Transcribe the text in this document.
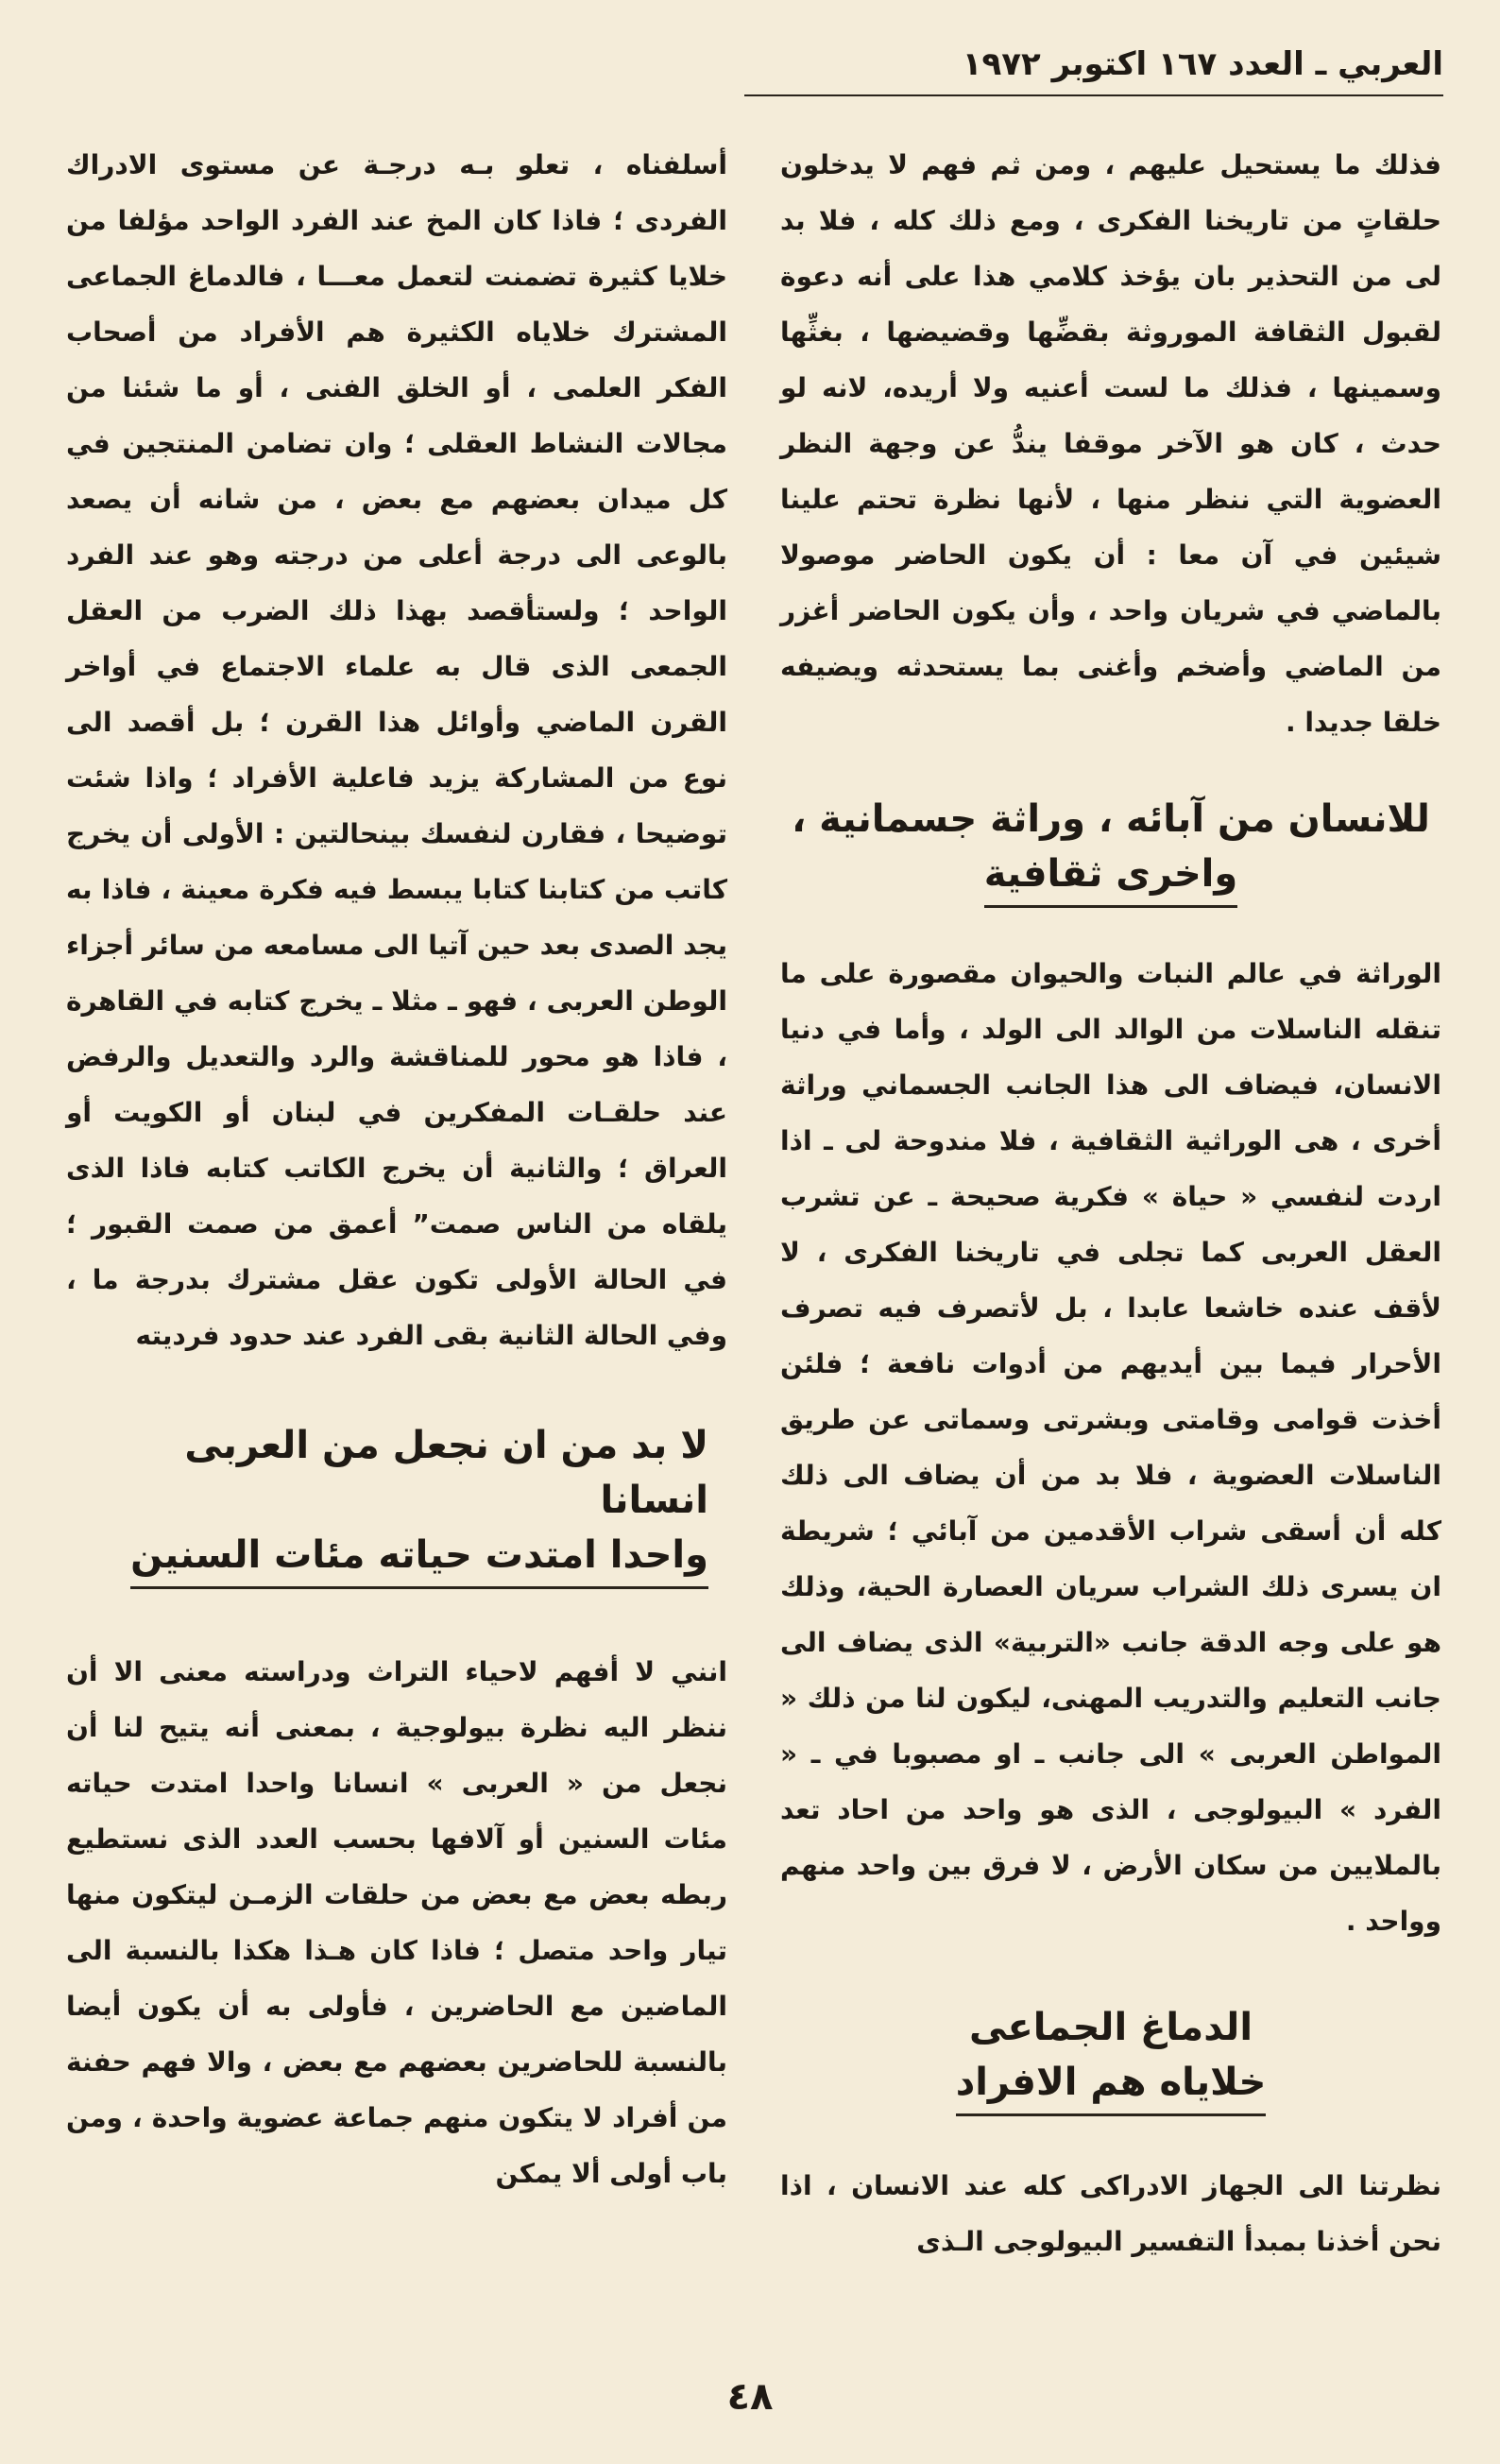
العربي ـ العدد ١٦٧ اكتوبر ١٩٧٢

فذلك ما يستحيل عليهم ، ومن ثم فهم لا يدخلون حلقاتٍ من تاريخنا الفكرى ، ومع ذلك كله ، فلا بد لى من التحذير بان يؤخذ كلامي هذا على أنه دعوة لقبول الثقافة الموروثة بقضِّها وقضيضها ، بغثِّها وسمينها ، فذلك ما لست أعنيه ولا أريده، لانه لو حدث ، كان هو الآخر موقفا يندُّ عن وجهة النظر العضوية التي ننظر منها ، لأنها نظرة تحتم علينا شيئين في آن معا : أن يكون الحاضر موصولا بالماضي في شريان واحد ، وأن يكون الحاضر أغزر من الماضي وأضخم وأغنى بما يستحدثه ويضيفه خلقا جديدا .

للانسان من آبائه ، وراثة جسمانية ،
واخرى ثقافية

الوراثة في عالم النبات والحيوان مقصورة على ما تنقله الناسلات من الوالد الى الولد ، وأما في دنيا الانسان، فيضاف الى هذا الجانب الجسماني وراثة أخرى ، هى الوراثية الثقافية ، فلا مندوحة لى ـ اذا اردت لنفسي « حياة » فكرية صحيحة ـ عن تشرب العقل العربى كما تجلى في تاريخنا الفكرى ، لا لأقف عنده خاشعا عابدا ، بل لأتصرف فيه تصرف الأحرار فيما بين أيديهم من أدوات نافعة ؛ فلئن أخذت قوامى وقامتى وبشرتى وسماتى عن طريق الناسلات العضوية ، فلا بد من أن يضاف الى ذلك كله أن أسقى شراب الأقدمين من آبائي ؛ شريطة ان يسرى ذلك الشراب سريان العصارة الحية، وذلك هو على وجه الدقة جانب «التربية» الذى يضاف الى جانب التعليم والتدريب المهنى، ليكون لنا من ذلك « المواطن العربى » الى جانب ـ او مصبوبا في ـ « الفرد » البيولوجى ، الذى هو واحد من احاد تعد بالملايين من سكان الأرض ، لا فرق بين واحد منهم وواحد .

الدماغ الجماعى
خلاياه هم الافراد

نظرتنا الى الجهاز الادراكى كله عند الانسان ، اذا نحن أخذنا بمبدأ التفسير البيولوجى الـذى

أسلفناه ، تعلو بـه درجـة عن مستوى الادراك الفردى ؛ فاذا كان المخ عند الفرد الواحد مؤلفا من خلايا كثيرة تضمنت لتعمل معـــا ، فالدماغ الجماعى المشترك خلاياه الكثيرة هم الأفراد من أصحاب الفكر العلمى ، أو الخلق الفنى ، أو ما شئنا من مجالات النشاط العقلى ؛ وان تضامن المنتجين في كل ميدان بعضهم مع بعض ، من شانه أن يصعد بالوعى الى درجة أعلى من درجته وهو عند الفرد الواحد ؛ ولستأقصد بهذا ذلك الضرب من العقل الجمعى الذى قال به علماء الاجتماع في أواخر القرن الماضي وأوائل هذا القرن ؛ بل أقصد الى نوع من المشاركة يزيد فاعلية الأفراد ؛ واذا شئت توضيحا ، فقارن لنفسك بينحالتين : الأولى أن يخرج كاتب من كتابنا كتابا يبسط فيه فكرة معينة ، فاذا به يجد الصدى بعد حين آتيا الى مسامعه من سائر أجزاء الوطن العربى ، فهو ـ مثلا ـ يخرج كتابه في القاهرة ، فاذا هو محور للمناقشة والرد والتعديل والرفض عند حلقـات المفكرين في لبنان أو الكويت أو العراق ؛ والثانية أن يخرج الكاتب كتابه فاذا الذى يلقاه من الناس صمت” أعمق من صمت القبور ؛ في الحالة الأولى تكون عقل مشترك بدرجة ما ، وفي الحالة الثانية بقى الفرد عند حدود فرديته

لا بد من ان نجعل من العربى انسانا
واحدا امتدت حياته مئات السنين

انني لا أفهم لاحياء التراث ودراسته معنى الا أن ننظر اليه نظرة بيولوجية ، بمعنى أنه يتيح لنا أن نجعل من « العربى » انسانا واحدا امتدت حياته مئات السنين أو آلافها بحسب العدد الذى نستطيع ربطه بعض مع بعض من حلقات الزمـن ليتكون منها تيار واحد متصل ؛ فاذا كان هـذا هكذا بالنسبة الى الماضين مع الحاضرين ، فأولى به أن يكون أيضا بالنسبة للحاضرين بعضهم مع بعض ، والا فهم حفنة من أفراد لا يتكون منهم جماعة عضوية واحدة ، ومن باب أولى ألا يمكن

٤٨
